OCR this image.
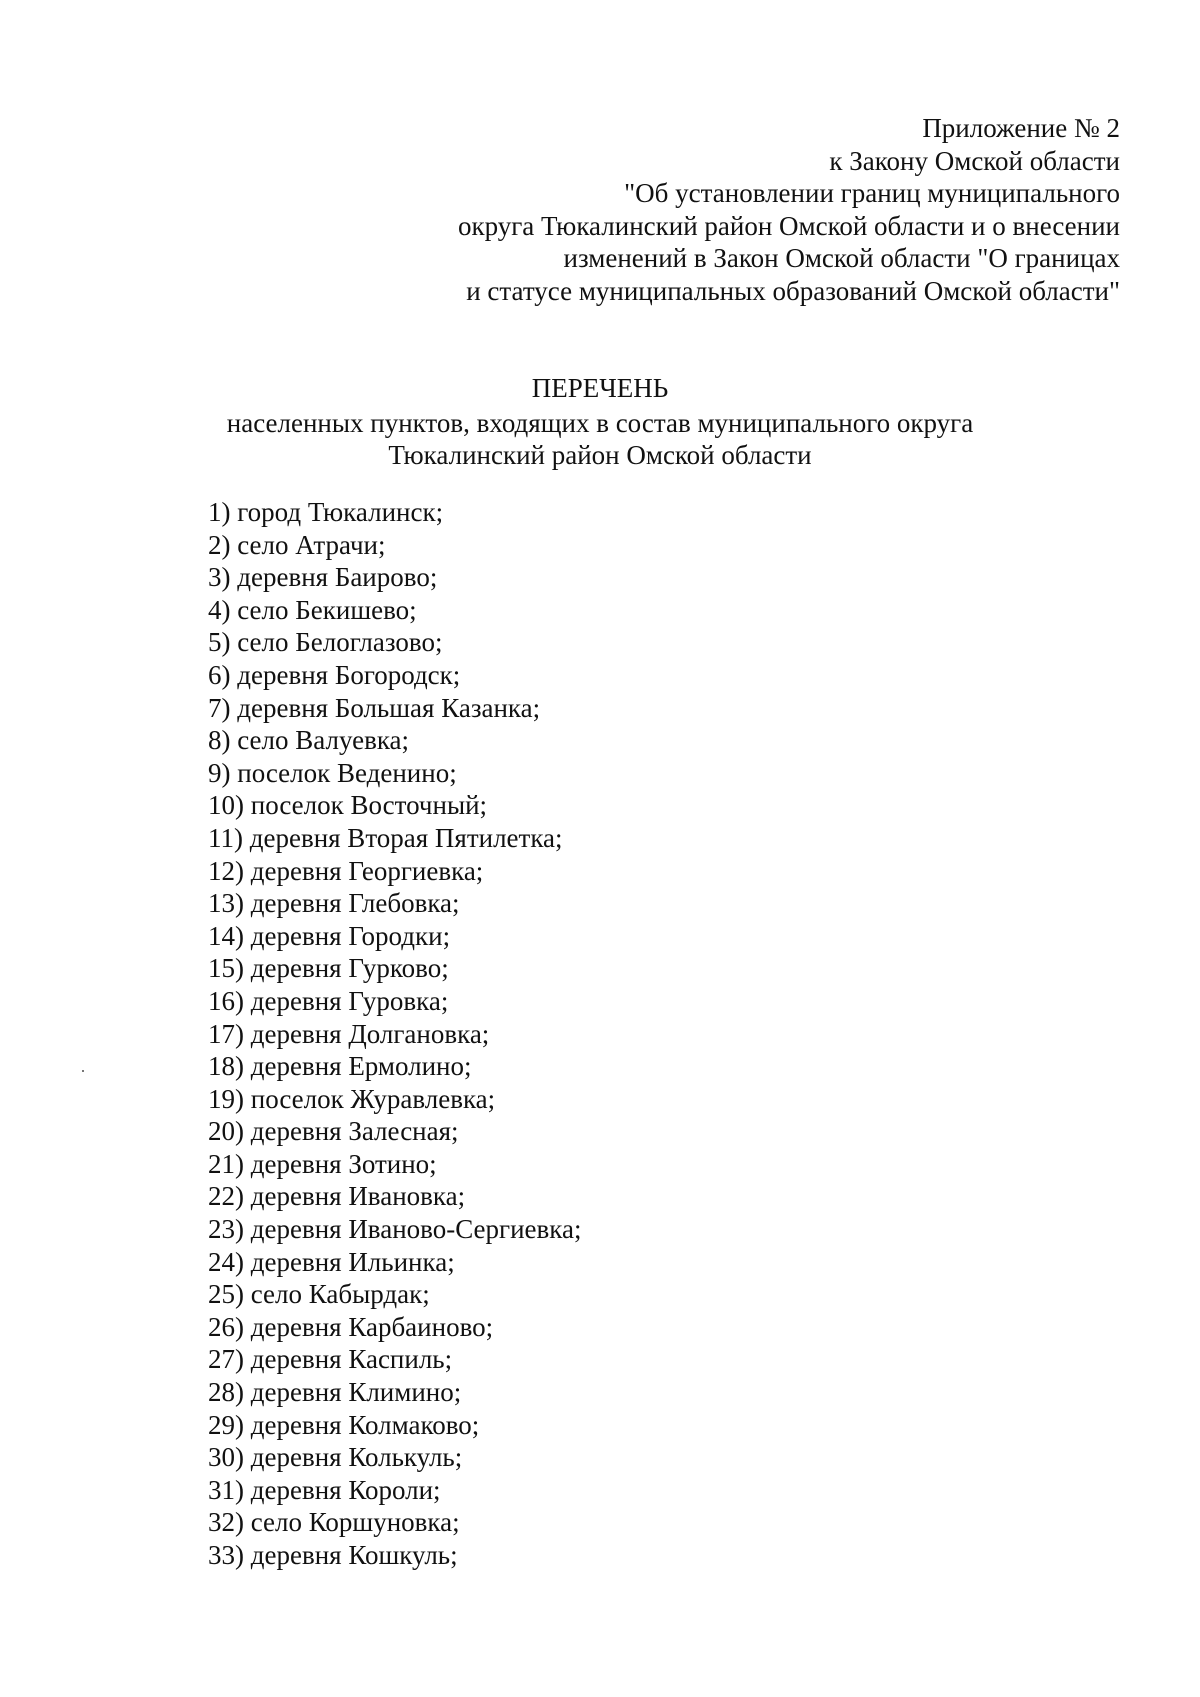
Приложение № 2
к Закону Омской области
"Об установлении границ муниципального
округа Тюкалинский район Омской области и о внесении
изменений в Закон Омской области "О границах
и статусе муниципальных образований Омской области"
ПЕРЕЧЕНЬ
населенных пунктов, входящих в состав муниципального округа
Тюкалинский район Омской области
1) город Тюкалинск;
2) село Атрачи;
3) деревня Баирово;
4) село Бекишево;
5) село Белоглазово;
6) деревня Богородск;
7) деревня Большая Казанка;
8) село Валуевка;
9) поселок Веденино;
10) поселок Восточный;
11) деревня Вторая Пятилетка;
12) деревня Георгиевка;
13) деревня Глебовка;
14) деревня Городки;
15) деревня Гурково;
16) деревня Гуровка;
17) деревня Долгановка;
18) деревня Ермолино;
19) поселок Журавлевка;
20) деревня Залесная;
21) деревня Зотино;
22) деревня Ивановка;
23) деревня Иваново-Сергиевка;
24) деревня Ильинка;
25) село Кабырдак;
26) деревня Карбаиново;
27) деревня Каспиль;
28) деревня Климино;
29) деревня Колмаково;
30) деревня Колькуль;
31) деревня Короли;
32) село Коршуновка;
33) деревня Кошкуль;
